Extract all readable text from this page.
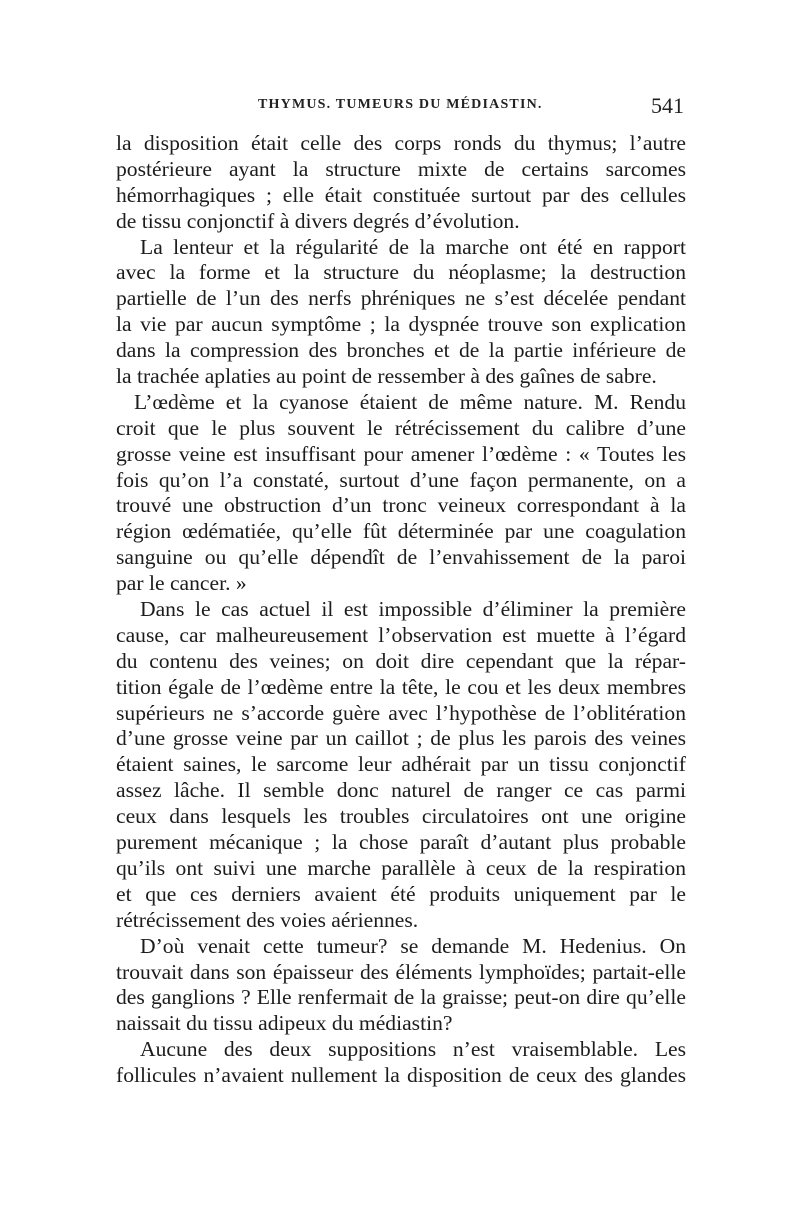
THYMUS. TUMEURS DU MÉDIASTIN.	541
la disposition était celle des corps ronds du thymus; l’autre
postérieure ayant la structure mixte de certains sarcomes
hémorrhagiques ; elle était constituée surtout par des cellules
de tissu conjonctif à divers degrés d’évolution.
La lenteur et la régularité de la marche ont été en rapport
avec la forme et la structure du néoplasme; la destruction
partielle de l’un des nerfs phréniques ne s’est décelée pendant
la vie par aucun symptôme ; la dyspnée trouve son explication
dans la compression des bronches et de la partie inférieure de
la trachée aplaties au point de ressember à des gaînes de sabre.
L’œdème et la cyanose étaient de même nature. M. Rendu
croit que le plus souvent le rétrécissement du calibre d’une
grosse veine est insuffisant pour amener l’œdème : « Toutes les
fois qu’on l’a constaté, surtout d’une façon permanente, on a
trouvé une obstruction d’un tronc veineux correspondant à la
région œdématiée, qu’elle fût déterminée par une coagulation
sanguine ou qu’elle dépendît de l’envahissement de la paroi
par le cancer. »
Dans le cas actuel il est impossible d’éliminer la première
cause, car malheureusement l’observation est muette à l’égard
du contenu des veines; on doit dire cependant que la répar-
tition égale de l’œdème entre la tête, le cou et les deux membres
supérieurs ne s’accorde guère avec l’hypothèse de l’oblitération
d’une grosse veine par un caillot ; de plus les parois des veines
étaient saines, le sarcome leur adhérait par un tissu conjonctif
assez lâche. Il semble donc naturel de ranger ce cas parmi
ceux dans lesquels les troubles circulatoires ont une origine
purement mécanique ; la chose paraît d’autant plus probable
qu’ils ont suivi une marche parallèle à ceux de la respiration
et que ces derniers avaient été produits uniquement par le
rétrécissement des voies aériennes.
D’où venait cette tumeur? se demande M. Hedenius. On
trouvait dans son épaisseur des éléments lymphoïdes; partait-elle
des ganglions ? Elle renfermait de la graisse; peut-on dire qu’elle
naissait du tissu adipeux du médiastin?
Aucune des deux suppositions n’est vraisemblable. Les
follicules n’avaient nullement la disposition de ceux des glandes
